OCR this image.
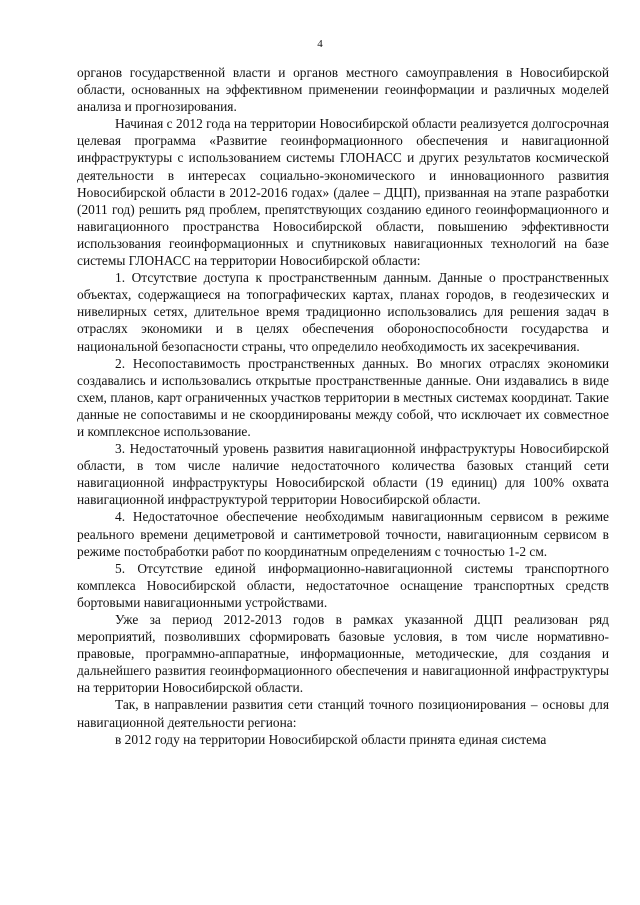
4

органов государственной власти и органов местного самоуправления в Новосибирской области, основанных на эффективном применении геоинформации и различных моделей анализа и прогнозирования.

Начиная с 2012 года на территории Новосибирской области реализуется долгосрочная целевая программа «Развитие геоинформационного обеспечения и навигационной инфраструктуры с использованием системы ГЛОНАСС и других результатов космической деятельности в интересах социально-экономического и инновационного развития Новосибирской области в 2012-2016 годах» (далее – ДЦП), призванная на этапе разработки (2011 год) решить ряд проблем, препятствующих созданию единого геоинформационного и навигационного пространства Новосибирской области, повышению эффективности использования геоинформационных и спутниковых навигационных технологий на базе системы ГЛОНАСС на территории Новосибирской области:

1. Отсутствие доступа к пространственным данным. Данные о пространственных объектах, содержащиеся на топографических картах, планах городов, в геодезических и нивелирных сетях, длительное время традиционно использовались для решения задач в отраслях экономики и в целях обеспечения обороноспособности государства и национальной безопасности страны, что определило необходимость их засекречивания.

2. Несопоставимость пространственных данных. Во многих отраслях экономики создавались и использовались открытые пространственные данные. Они издавались в виде схем, планов, карт ограниченных участков территории в местных системах координат. Такие данные не сопоставимы и не скоординированы между собой, что исключает их совместное и комплексное использование.

3. Недостаточный уровень развития навигационной инфраструктуры Новосибирской области, в том числе наличие недостаточного количества базовых станций сети навигационной инфраструктуры Новосибирской области (19 единиц) для 100% охвата навигационной инфраструктурой территории Новосибирской области.

4. Недостаточное обеспечение необходимым навигационным сервисом в режиме реального времени дециметровой и сантиметровой точности, навигационным сервисом в режиме постобработки работ по координатным определениям с точностью 1-2 см.

5. Отсутствие единой информационно-навигационной системы транспортного комплекса Новосибирской области, недостаточное оснащение транспортных средств бортовыми навигационными устройствами.

Уже за период 2012-2013 годов в рамках указанной ДЦП реализован ряд мероприятий, позволивших сформировать базовые условия, в том числе нормативно-правовые, программно-аппаратные, информационные, методические, для создания и дальнейшего развития геоинформационного обеспечения и навигационной инфраструктуры на территории Новосибирской области.

Так, в направлении развития сети станций точного позиционирования – основы для навигационной деятельности региона:

в 2012 году на территории Новосибирской области принята единая система
